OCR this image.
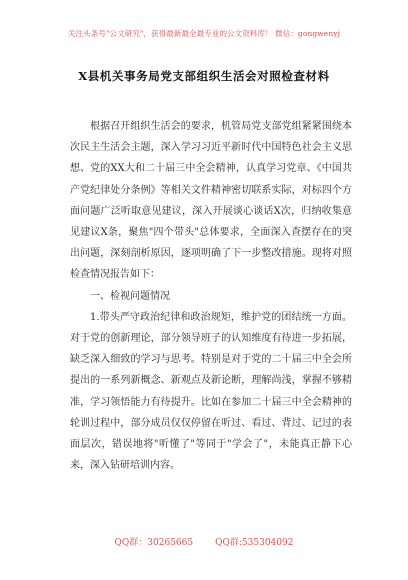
关注头条号"公文研究"，获得最新最全最专业的公文资料库！ 微信：gongwenyj
X县机关事务局党支部组织生活会对照检查材料

根据召开组织生活会的要求，机管局党支部党组紧紧围绕本次民主生活会主题，深入学习习近平新时代中国特色社会主义思想、党的XX大和二十届三中全会精神，认真学习党章、《中国共产党纪律处分条例》等相关文件精神密切联系实际，对标四个方面问题广泛听取意见建议，深入开展谈心谈话X次，归纳收集意见建议X条，聚焦"四个带头"总体要求，全面深入查摆存在的突出问题，深刻剖析原因，逐项明确了下一步整改措施。现将对照检查情况报告如下：

一、检视问题情况

1.带头严守政治纪律和政治规矩，维护党的团结统一方面。对于党的创新理论，部分领导班子的认知维度有待进一步拓展，缺乏深入细致的学习与思考。特别是对于党的二十届三中全会所提出的一系列新概念、新观点及新论断，理解尚浅，掌握不够精准，学习领悟能力有待提升。比如在参加二十届三中全会精神的轮训过程中，部分成员仅仅停留在听过、看过、背过、记过的表面层次，错误地将"听懂了"等同于"学会了"，未能真正静下心来，深入钻研培训内容。

QQ群：30265665 QQ群:535304092
